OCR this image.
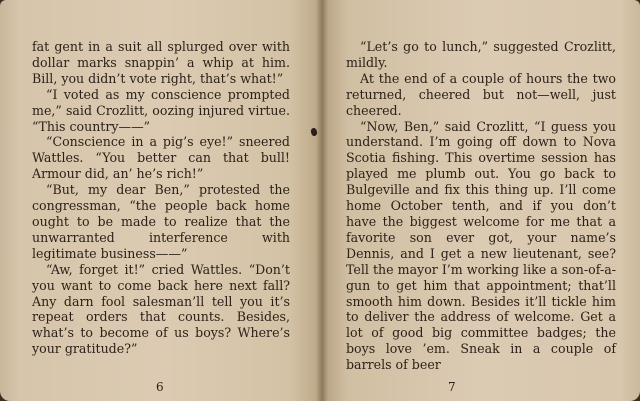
fat gent in a suit all splurged over with dollar marks snappin’ a whip at him. Bill, you didn’t vote right, that’s what!”

“I voted as my conscience prompted me,” said Crozlitt, oozing injured virtue. “This country——”

“Conscience in a pig’s eye!” sneered Wattles. “You better can that bull! Armour did, an’ he’s rich!”

“But, my dear Ben,” protested the congressman, “the people back home ought to be made to realize that the unwarranted interference with legitimate business——”

“Aw, forget it!” cried Wattles. “Don’t you want to come back here next fall? Any darn fool salesman’ll tell you it’s repeat orders that counts. Besides, what’s to become of us boys? Where’s your gratitude?”

6

“Let’s go to lunch,” suggested Crozlitt, mildly.

At the end of a couple of hours the two returned, cheered but not—well, just cheered.

“Now, Ben,” said Crozlitt, “I guess you understand. I’m going off down to Nova Scotia fishing. This overtime session has played me plumb out. You go back to Bulgeville and fix this thing up. I’ll come home October tenth, and if you don’t have the biggest welcome for me that a favorite son ever got, your name’s Dennis, and I get a new lieutenant, see? Tell the mayor I’m working like a son-of-a-gun to get him that appointment; that’ll smooth him down. Besides it’ll tickle him to deliver the address of welcome. Get a lot of good big committee badges; the boys love ’em. Sneak in a couple of barrels of beer

7
